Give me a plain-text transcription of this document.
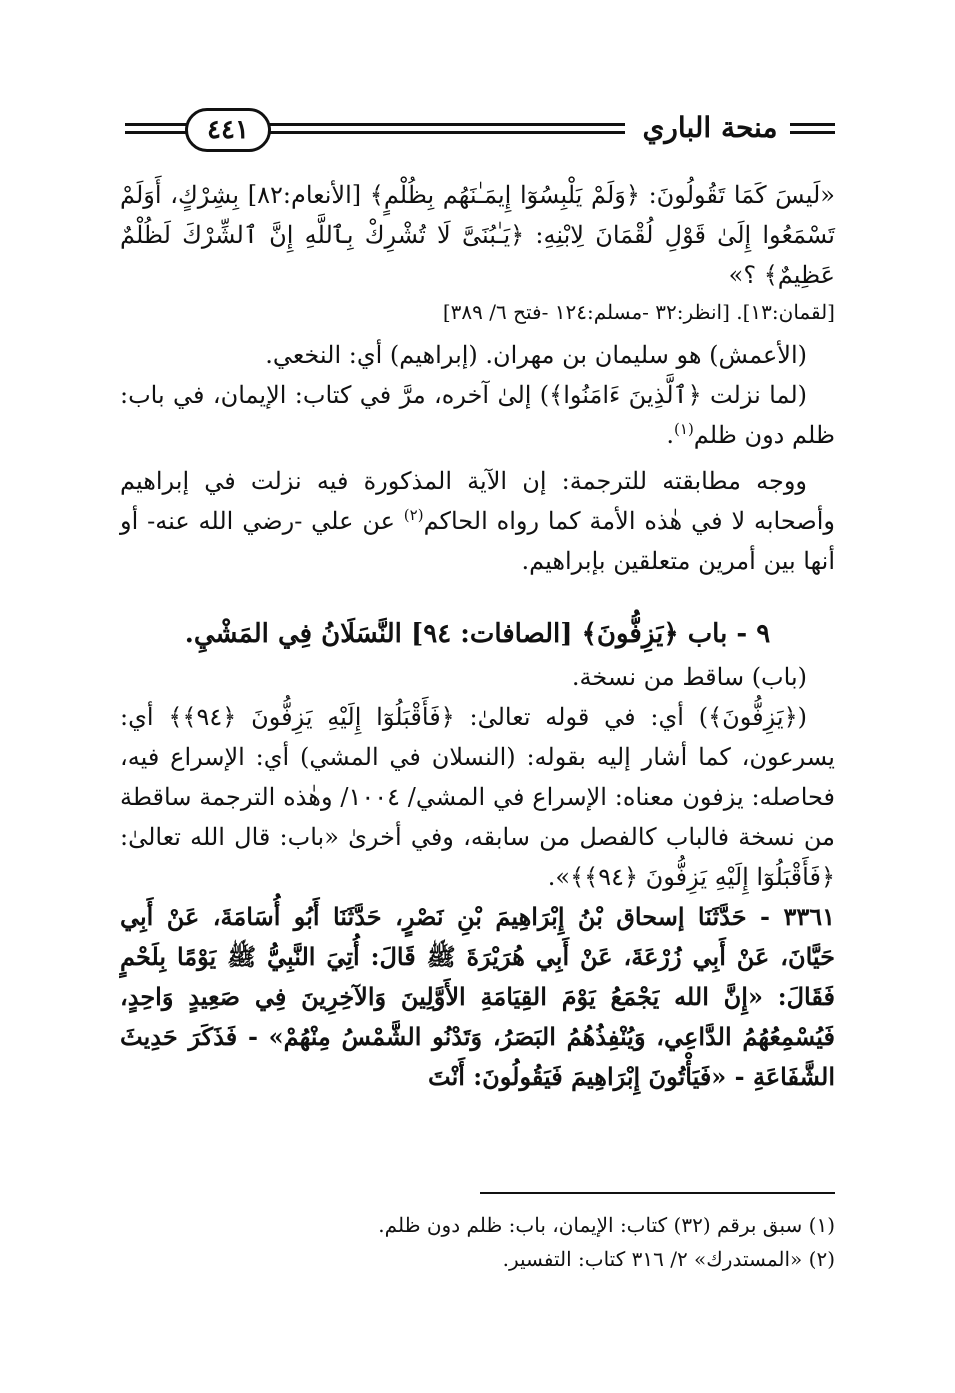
٤٤١	منحة الباري

«لَيسَ كَمَا تَقُولُونَ: ﴿وَلَمْ يَلْبِسُوٓا إِيمَـٰنَهُم بِظُلْمٍ﴾ [الأنعام:٨٢] بِشِرْكٍ، أَوَلَمْ تَسْمَعُوا إِلَىٰ قَوْلِ لُقْمَانَ لِابْنِهِ: ﴿يَـٰبُنَىَّ لَا تُشْرِكْ بِٱللَّهِ إِنَّ ٱلشِّرْكَ لَظُلْمٌ عَظِيمٌ﴾ ؟»

[لقمان:١٣]. [انظر:٣٢ -مسلم:١٢٤ -فتح ٦/ ٣٨٩]

(الأعمش) هو سليمان بن مهران. (إبراهيم) أي: النخعي.

(لما نزلت ﴿ٱلَّذِينَ ءَامَنُوا﴾) إلىٰ آخره، مرَّ في كتاب: الإيمان، في باب: ظلم دون ظلم$^{(١)}$.

ووجه مطابقته للترجمة: إن الآية المذكورة فيه نزلت في إبراهيم وأصحابه لا في هٰذه الأمة كما رواه الحاكم$^{(٢)}$ عن علي -رضي الله عنه- أو أنها بين أمرين متعلقين بإبراهيم.

٩ - باب ﴿يَزِفُّونَ﴾ [الصافات: ٩٤] النَّسَلَانُ فِي المَشْيِ.

(باب) ساقط من نسخة.

(﴿يَزِفُّونَ﴾) أي: في قوله تعالىٰ: ﴿فَأَقْبَلُوٓا إِلَيْهِ يَزِفُّونَ ﴿٩٤﴾﴾ أي: يسرعون، كما أشار إليه بقوله: (النسلان في المشي) أي: الإسراع فيه، فحاصله: يزفون معناه: الإسراع في المشي/ ١٠٠٤/ وهٰذه الترجمة ساقطة من نسخة فالباب كالفصل من سابقه، وفي أخرىٰ «باب: قال الله تعالىٰ: ﴿فَأَقْبَلُوٓا إِلَيْهِ يَزِفُّونَ ﴿٩٤﴾﴾».

٣٣٦١ - حَدَّثَنَا إسحاق بْنُ إِبْرَاهِيمَ بْنِ نَصْرٍ، حَدَّثَنَا أَبُو أُسَامَةَ، عَنْ أَبِي حَيَّانَ، عَنْ أَبِي زُرْعَةَ، عَنْ أَبِي هُرَيْرَةَ ﷺ قَالَ: أُتِيَ النَّبِيُّ ﷺ يَوْمًا بِلَحْمٍ فَقَالَ: «إِنَّ الله يَجْمَعُ يَوْمَ القِيَامَةِ الأَوَّلِينَ وَالآخِرِينَ فِي صَعِيدٍ وَاحِدٍ، فَيُسْمِعُهُمُ الدَّاعِي، وَيُنْفِذُهُمُ البَصَرُ، وَتَدْنُو الشَّمْسُ مِنْهُمْ» - فَذَكَرَ حَدِيثَ الشَّفَاعَةِ - «فَيَأْتُونَ إِبْرَاهِيمَ فَيَقُولُونَ: أَنْتَ

(١) سبق برقم (٣٢) كتاب: الإيمان، باب: ظلم دون ظلم.

(٢) «المستدرك» ٢/ ٣١٦ كتاب: التفسير.
